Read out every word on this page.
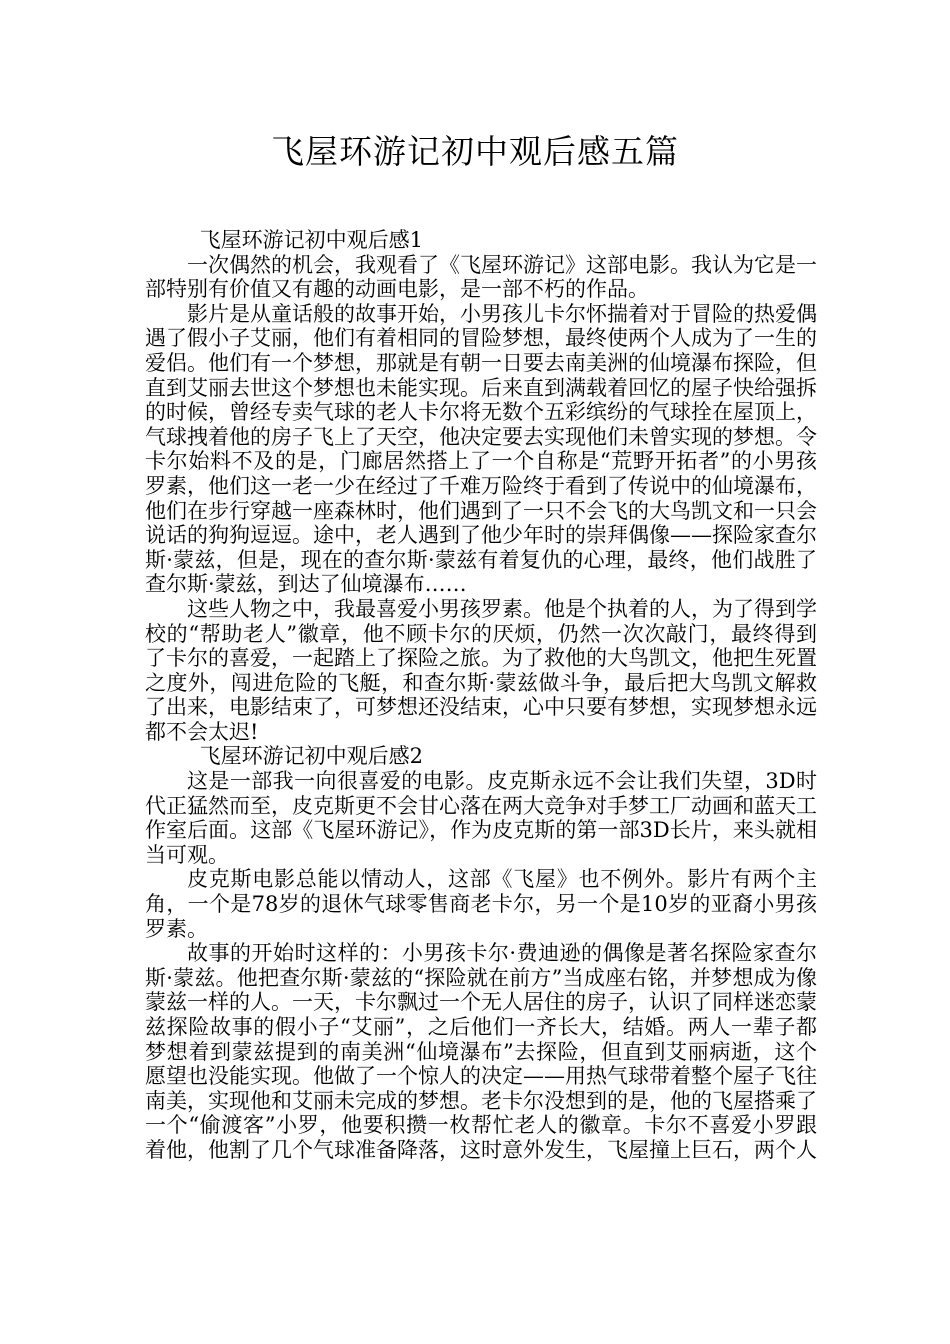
飞屋环游记初中观后感五篇

飞屋环游记初中观后感1

一次偶然的机会，我观看了《飞屋环游记》这部电影。我认为它是一部特别有价值又有趣的动画电影，是一部不朽的作品。

影片是从童话般的故事开始，小男孩儿卡尔怀揣着对于冒险的热爱偶遇了假小子艾丽，他们有着相同的冒险梦想，最终使两个人成为了一生的爱侣。他们有一个梦想，那就是有朝一日要去南美洲的仙境瀑布探险，但直到艾丽去世这个梦想也未能实现。后来直到满载着回忆的屋子快给强拆的时候，曾经专卖气球的老人卡尔将无数个五彩缤纷的气球拴在屋顶上，气球拽着他的房子飞上了天空，他决定要去实现他们未曾实现的梦想。令卡尔始料不及的是，门廊居然搭上了一个自称是“荒野开拓者”的小男孩罗素，他们这一老一少在经过了千难万险终于看到了传说中的仙境瀑布，他们在步行穿越一座森林时，他们遇到了一只不会飞的大鸟凯文和一只会说话的狗狗逗逗。途中，老人遇到了他少年时的崇拜偶像——探险家查尔斯·蒙兹，但是，现在的查尔斯·蒙兹有着复仇的心理，最终，他们战胜了查尔斯·蒙兹，到达了仙境瀑布……

这些人物之中，我最喜爱小男孩罗素。他是个执着的人，为了得到学校的“帮助老人”徽章，他不顾卡尔的厌烦，仍然一次次敲门，最终得到了卡尔的喜爱，一起踏上了探险之旅。为了救他的大鸟凯文，他把生死置之度外，闯进危险的飞艇，和查尔斯·蒙兹做斗争，最后把大鸟凯文解救了出来，电影结束了，可梦想还没结束，心中只要有梦想，实现梦想永远都不会太迟!

飞屋环游记初中观后感2

这是一部我一向很喜爱的电影。皮克斯永远不会让我们失望，3D时代正猛然而至，皮克斯更不会甘心落在两大竞争对手梦工厂动画和蓝天工作室后面。这部《飞屋环游记》，作为皮克斯的第一部3D长片，来头就相当可观。

皮克斯电影总能以情动人，这部《飞屋》也不例外。影片有两个主角，一个是78岁的退休气球零售商老卡尔，另一个是10岁的亚裔小男孩罗素。

故事的开始时这样的：小男孩卡尔·费迪逊的偶像是著名探险家查尔斯·蒙兹。他把查尔斯·蒙兹的“探险就在前方”当成座右铭，并梦想成为像蒙兹一样的人。一天，卡尔飘过一个无人居住的房子，认识了同样迷恋蒙兹探险故事的假小子“艾丽”，之后他们一齐长大，结婚。两人一辈子都梦想着到蒙兹提到的南美洲“仙境瀑布”去探险，但直到艾丽病逝，这个愿望也没能实现。他做了一个惊人的决定——用热气球带着整个屋子飞往南美，实现他和艾丽未完成的梦想。老卡尔没想到的是，他的飞屋搭乘了一个“偷渡客”小罗，他要积攒一枚帮忙老人的徽章。卡尔不喜爱小罗跟着他，他割了几个气球准备降落，这时意外发生，飞屋撞上巨石，两个人
